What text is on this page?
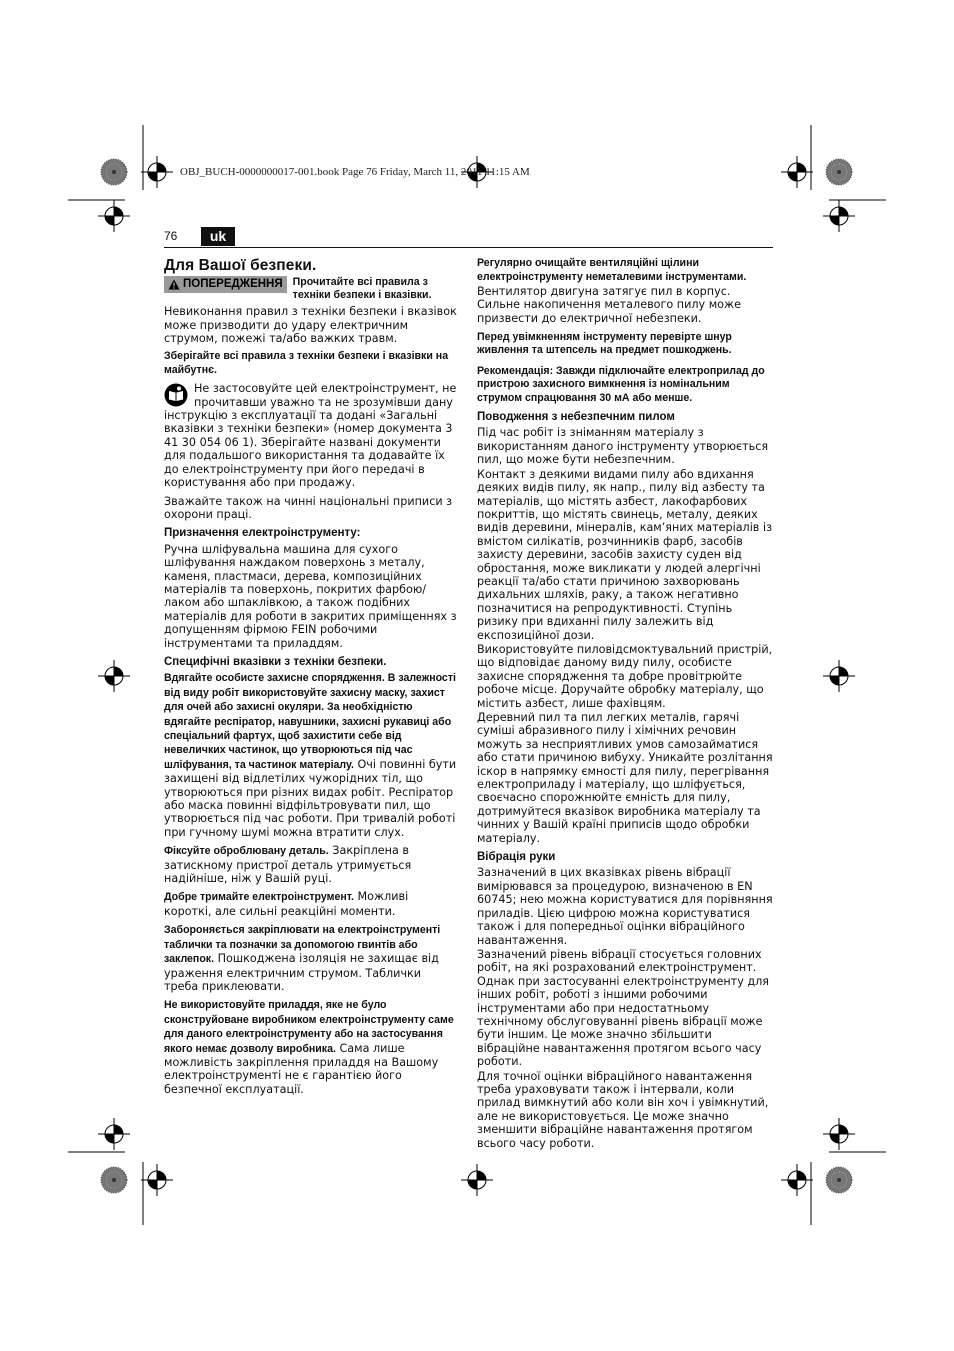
OBJ_BUCH-0000000017-001.book Page 76 Friday, March 11, 2011 11:15 AM
76	uk
Для Вашої безпеки.
ПОПЕРЕДЖЕННЯ Прочитайте всі правила з техніки безпеки і вказівки.

Невиконання правил з техніки безпеки і вказівок може призводити до удару електричним струмом, пожежі та/або важких травм.

Зберігайте всі правила з техніки безпеки і вказівки на майбутнє.

Не застосовуйте цей електроінструмент, не прочитавши уважно та не зрозумівши дану інструкцію з експлуатації та додані «Загальні вказівки з техніки безпеки» (номер документа 3 41 30 054 06 1). Зберігайте названі документи для подальшого використання та додавайте їх до електроінструменту при його передачі в користування або при продажу.

Зважайте також на чинні національні приписи з охорони праці.

Призначення електроінструменту:

Ручна шліфувальна машина для сухого шліфування наждаком поверхонь з металу, каменя, пластмаси, дерева, композиційних матеріалів та поверхонь, покритих фарбою/лаком або шпаклівкою, а також подібних матеріалів для роботи в закритих приміщеннях з допущенням фірмою FEIN робочими інструментами та приладдям.

Специфічні вказівки з техніки безпеки.

Вдягайте особисте захисне спорядження. В залежності від виду робіт використовуйте захисну маску, захист для очей або захисні окуляри. За необхідністю вдягайте респіратор, навушники, захисні рукавиці або спеціальний фартух, щоб захистити себе від невеличких частинок, що утворюються під час шліфування, та частинок матеріалу. Очі повинні бути захищені від відлетілих чужорідних тіл, що утворюються при різних видах робіт. Респіратор або маска повинні відфільтровувати пил, що утворюється під час роботи. При тривалій роботі при гучному шумі можна втратити слух.

Фіксуйте оброблювану деталь. Закріплена в затискному пристрої деталь утримується надійніше, ніж у Вашій руці.

Добре тримайте електроінструмент. Можливі короткі, але сильні реакційні моменти.

Забороняється закріплювати на електроінструменті таблички та позначки за допомогою гвинтів або заклепок. Пошкоджена ізоляція не захищає від ураження електричним струмом. Таблички треба приклеювати.

Не використовуйте приладдя, яке не було сконструйоване виробником електроінструменту саме для даного електроінструменту або на застосування якого немає дозволу виробника. Сама лише можливість закріплення приладдя на Вашому електроінструменті не є гарантією його безпечної експлуатації.

Регулярно очищайте вентиляційні щілини електроінструменту неметалевими інструментами.
Вентилятор двигуна затягує пил в корпус. Сильне накопичення металевого пилу може призвести до електричної небезпеки.

Перед увімкненням інструменту перевірте шнур живлення та штепсель на предмет пошкоджень.

Рекомендація: Завжди підключайте електроприлад до пристрою захисного вимкнення із номінальним струмом спрацювання 30 мА або менше.

Поводження з небезпечним пилом

Під час робіт із зніманням матеріалу з використанням даного інструменту утворюється пил, що може бути небезпечним.

Контакт з деякими видами пилу або вдихання деяких видів пилу, як напр., пилу від азбесту та матеріалів, що містять азбест, лакофарбових покриттів, що містять свинець, металу, деяких видів деревини, мінералів, кам’яних матеріалів із вмістом силікатів, розчинників фарб, засобів захисту деревини, засобів захисту суден від обростання, може викликати у людей алергічні реакції та/або стати причиною захворювань дихальних шляхів, раку, а також негативно позначитися на репродуктивності. Ступінь ризику при вдиханні пилу залежить від експозиційної дози.

Використовуйте пиловідсмоктувальний пристрій, що відповідає даному виду пилу, особисте захисне спорядження та добре провітрюйте робоче місце. Доручайте обробку матеріалу, що містить азбест, лише фахівцям.

Деревний пил та пил легких металів, гарячі суміші абразивного пилу і хімічних речовин можуть за несприятливих умов самозайматися або стати причиною вибуху. Уникайте розлітання іскор в напрямку ємності для пилу, перегрівання електроприладу і матеріалу, що шліфується, своєчасно спорожнюйте ємність для пилу, дотримуйтеся вказівок виробника матеріалу та чинних у Вашій країні приписів щодо обробки матеріалу.

Вібрація руки

Зазначений в цих вказівках рівень вібрації вимірювався за процедурою, визначеною в EN 60745; нею можна користуватися для порівняння приладів. Цією цифрою можна користуватися також і для попередньої оцінки вібраційного навантаження.

Зазначений рівень вібрації стосується головних робіт, на які розрахований електроінструмент. Однак при застосуванні електроінструменту для інших робіт, роботі з іншими робочими інструментами або при недостатньому технічному обслуговуванні рівень вібрації може бути іншим. Це може значно збільшити вібраційне навантаження протягом всього часу роботи.

Для точної оцінки вібраційного навантаження треба ураховувати також і інтервали, коли прилад вимкнутий або коли він хоч і увімкнутий, але не використовується. Це може значно зменшити вібраційне навантаження протягом всього часу роботи.
